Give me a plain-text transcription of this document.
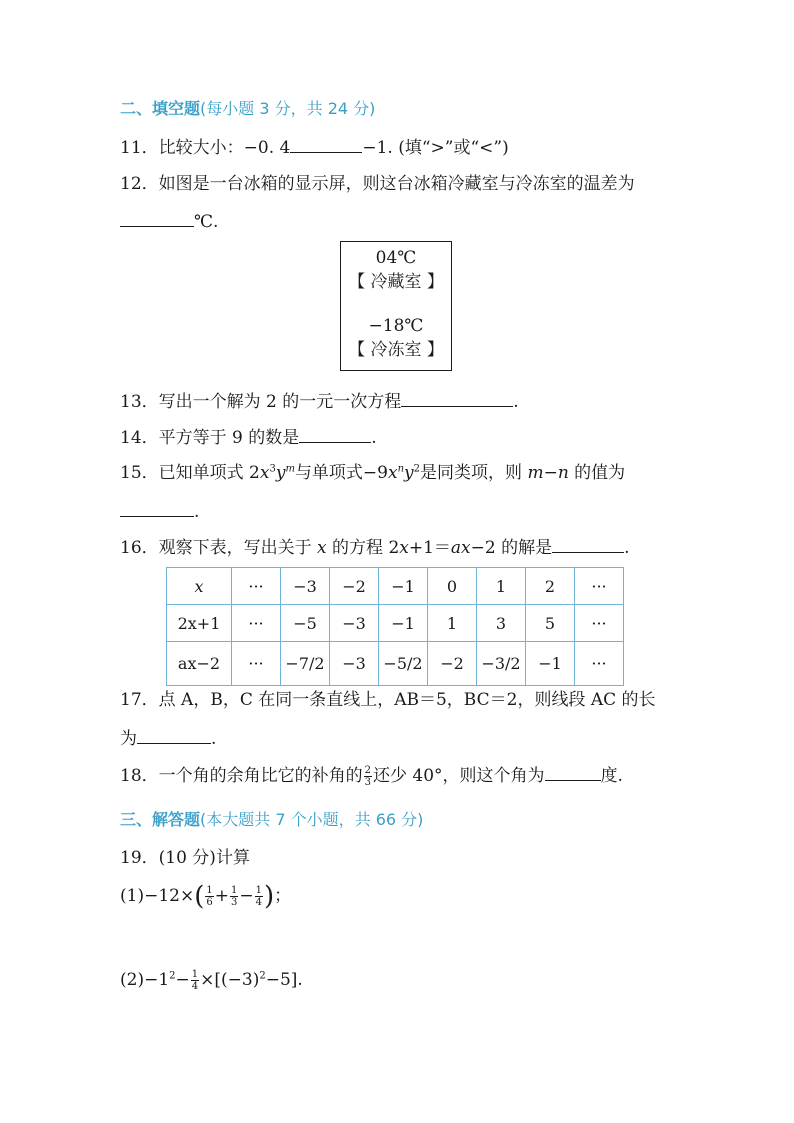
二、填空题(每小题 3 分，共 24 分)
11．比较大小：−0. 4	−1. (填“>”或“<”)
12．如图是一台冰箱的显示屏，则这台冰箱冷藏室与冷冻室的温差为
℃.
04℃
【 冷藏室 】
−18℃
【 冷冻室 】
13．写出一个解为 2 的一元一次方程	.
14．平方等于 9 的数是	.
15．已知单项式 $2x^3y^m$与单项式$-9x^ny^2$是同类项，则 m−n 的值为
.
16．观察下表，写出关于 x 的方程 2x+1＝ax−2 的解是	.
x	···	−3	−2	−1	0	1	2	···
2x+1	···	−5	−3	−1	1	3	5	···
ax−2	···	−7/2	−3	−5/2	−2	−3/2	−1	···
17．点 A，B，C 在同一条直线上，AB＝5，BC＝2，则线段 AC 的长
为	.
18．一个角的余角比它的补角的 $\frac{2}{3}$ 还少 40°，则这个角为	度.
三、解答题(本大题共 7 个小题，共 66 分)
19．(10 分)计算
$(1)-12\times( \frac{1}{6} + \frac{1}{3} - \frac{1}{4}$ )；
$(2)-1^2- \frac{1}{4} \times[(-3)^2-5]$.
